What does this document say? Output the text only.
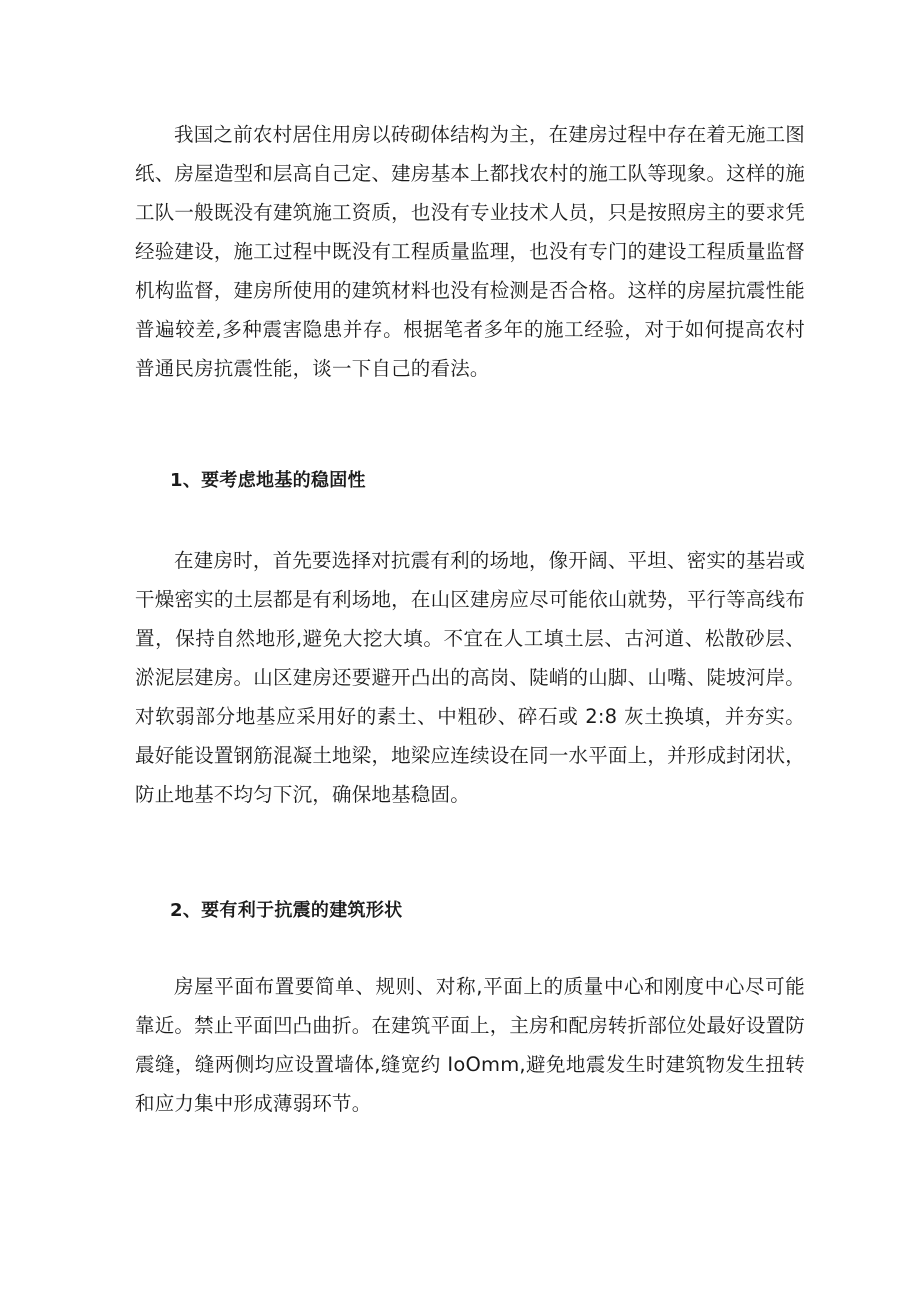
我国之前农村居住用房以砖砌体结构为主，在建房过程中存在着无施工图纸、房屋造型和层高自己定、建房基本上都找农村的施工队等现象。这样的施工队一般既没有建筑施工资质，也没有专业技术人员，只是按照房主的要求凭经验建设，施工过程中既没有工程质量监理，也没有专门的建设工程质量监督机构监督，建房所使用的建筑材料也没有检测是否合格。这样的房屋抗震性能普遍较差,多种震害隐患并存。根据笔者多年的施工经验，对于如何提高农村普通民房抗震性能，谈一下自己的看法。

1、要考虑地基的稳固性

在建房时，首先要选择对抗震有利的场地，像开阔、平坦、密实的基岩或干燥密实的土层都是有利场地，在山区建房应尽可能依山就势，平行等高线布置，保持自然地形,避免大挖大填。不宜在人工填土层、古河道、松散砂层、淤泥层建房。山区建房还要避开凸出的高岗、陡峭的山脚、山嘴、陡坡河岸。对软弱部分地基应采用好的素土、中粗砂、碎石或 2:8 灰土换填，并夯实。最好能设置钢筋混凝土地梁，地梁应连续设在同一水平面上，并形成封闭状，防止地基不均匀下沉，确保地基稳固。

2、要有利于抗震的建筑形状

房屋平面布置要简单、规则、对称,平面上的质量中心和刚度中心尽可能靠近。禁止平面凹凸曲折。在建筑平面上，主房和配房转折部位处最好设置防震缝，缝两侧均应设置墙体,缝宽约 IoOmm,避免地震发生时建筑物发生扭转和应力集中形成薄弱环节。
